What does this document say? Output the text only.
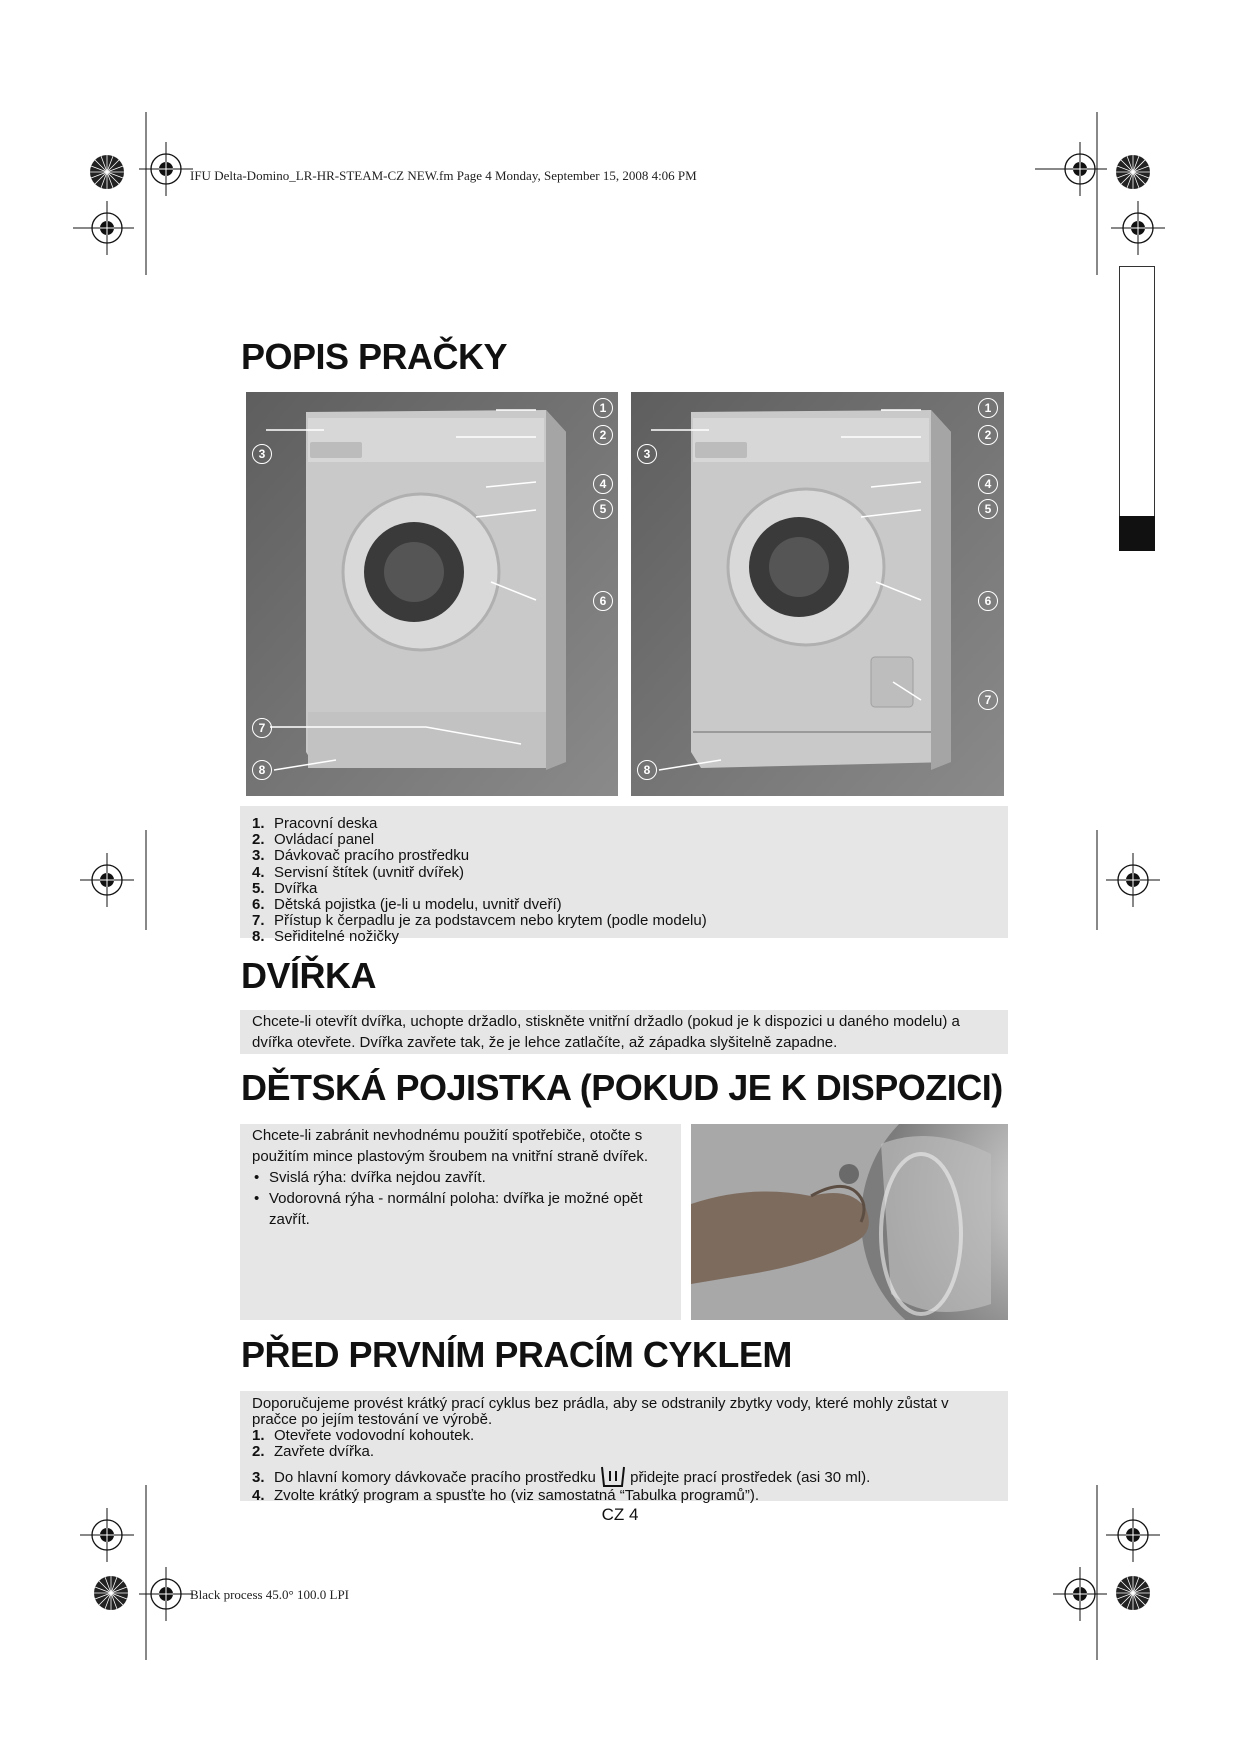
IFU Delta-Domino_LR-HR-STEAM-CZ NEW.fm Page 4 Monday, September 15, 2008 4:06 PM
Black process 45.0° 100.0 LPI
POPIS PRAČKY
1
2
3
4
5
6
7
8
1
2
3
4
5
6
7
8
1. Pracovní deska
2. Ovládací panel
3. Dávkovač pracího prostředku
4. Servisní štítek (uvnitř dvířek)
5. Dvířka
6. Dětská pojistka (je-li u modelu, uvnitř dveří)
7. Přístup k čerpadlu je za podstavcem nebo krytem (podle modelu)
8. Seřiditelné nožičky
DVÍŘKA
Chcete-li otevřít dvířka, uchopte držadlo, stiskněte vnitřní držadlo (pokud je k dispozici u daného modelu) a dvířka otevřete. Dvířka zavřete tak, že je lehce zatlačíte, až západka slyšitelně zapadne.
DĚTSKÁ POJISTKA (POKUD JE K DISPOZICI)
Chcete-li zabránit nevhodnému použití spotřebiče, otočte s použitím mince plastovým šroubem na vnitřní straně dvířek.
• Svislá rýha: dvířka nejdou zavřít.
• Vodorovná rýha - normální poloha: dvířka je možné opět zavřít.
PŘED PRVNÍM PRACÍM CYKLEM
Doporučujeme provést krátký prací cyklus bez prádla, aby se odstranily zbytky vody, které mohly zůstat v pračce po jejím testování ve výrobě.
1. Otevřete vodovodní kohoutek.
2. Zavřete dvířka.
3. Do hlavní komory dávkovače pracího prostředku přidejte prací prostředek (asi 30 ml).
4. Zvolte krátký program a spusťte ho (viz samostatná “Tabulka programů”).
CZ 4
